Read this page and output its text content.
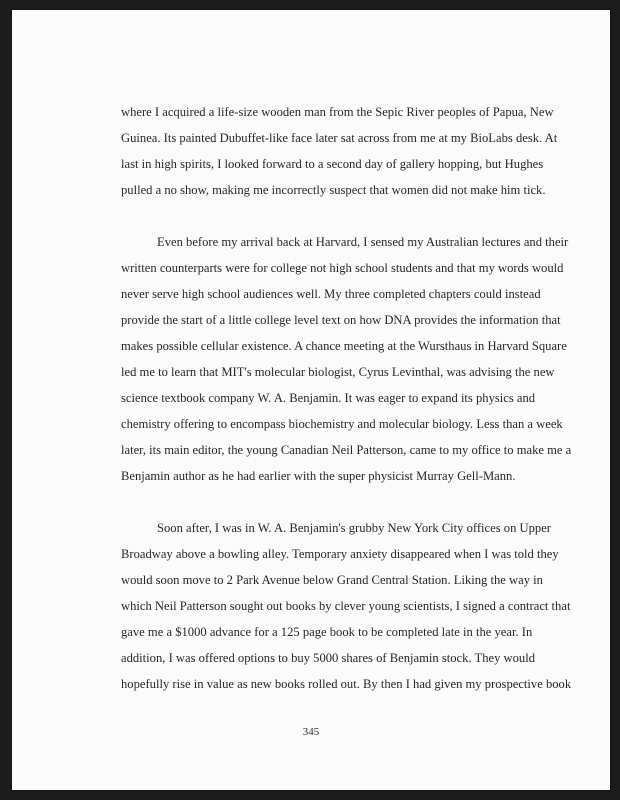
where I acquired a life-size wooden man from the Sepic River peoples of Papua, New
Guinea. Its painted Dubuffet-like face later sat across from me at my BioLabs desk. At
last in high spirits, I looked forward to a second day of gallery hopping, but Hughes
pulled a no show, making me incorrectly suspect that women did not make him tick.
Even before my arrival back at Harvard, I sensed my Australian lectures and their
written counterparts were for college not high school students and that my words would
never serve high school audiences well. My three completed chapters could instead
provide the start of a little college level text on how DNA provides the information that
makes possible cellular existence. A chance meeting at the Wursthaus in Harvard Square
led me to learn that MIT's molecular biologist, Cyrus Levinthal, was advising the new
science textbook company W. A. Benjamin. It was eager to expand its physics and
chemistry offering to encompass biochemistry and molecular biology. Less than a week
later, its main editor, the young Canadian Neil Patterson, came to my office to make me a
Benjamin author as he had earlier with the super physicist Murray Gell-Mann.
Soon after, I was in W. A. Benjamin's grubby New York City offices on Upper
Broadway above a bowling alley. Temporary anxiety disappeared when I was told they
would soon move to 2 Park Avenue below Grand Central Station. Liking the way in
which Neil Patterson sought out books by clever young scientists, I signed a contract that
gave me a $1000 advance for a 125 page book to be completed late in the year. In
addition, I was offered options to buy 5000 shares of Benjamin stock. They would
hopefully rise in value as new books rolled out. By then I had given my prospective book
345
